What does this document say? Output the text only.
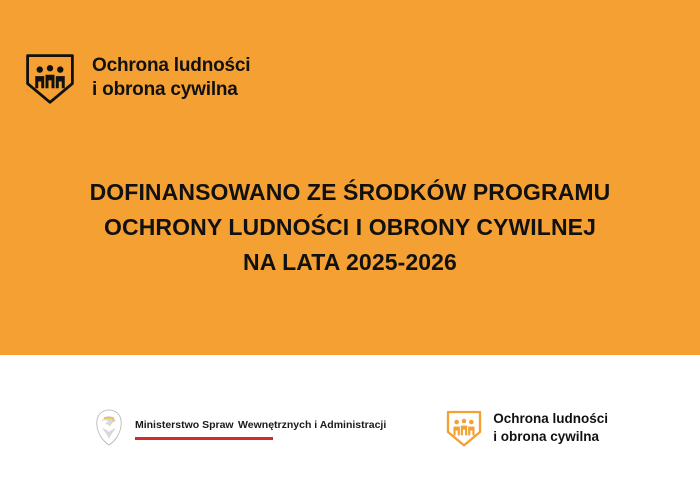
Ochrona ludności
i obrona cywilna
DOFINANSOWANO ZE ŚRODKÓW PROGRAMU
OCHRONY LUDNOŚCI I OBRONY CYWILNEJ
NA LATA 2025-2026
Ministerstwo Spraw Wewnętrznych i Administracji	Ochrona ludności
i obrona cywilna
